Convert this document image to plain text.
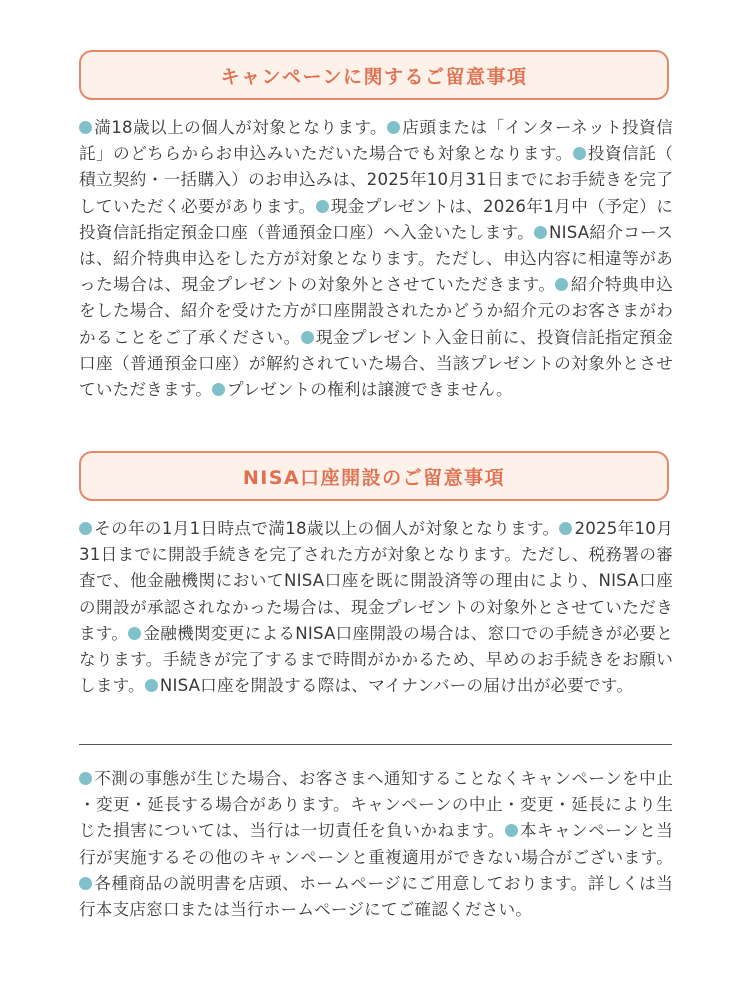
キャンペーンに関するご留意事項

満18歳以上の個人が対象となります。 店頭または「インターネット投資信託」のどちらからお申込みいただいた場合でも対象となります。 投資信託（積立契約・一括購入）のお申込みは、2025年10月31日までにお手続きを完了していただく必要があります。 現金プレゼントは、2026年1月中（予定）に投資信託指定預金口座（普通預金口座）へ入金いたします。 NISA紹介コースは、紹介特典申込をした方が対象となります。ただし、申込内容に相違等があった場合は、現金プレゼントの対象外とさせていただきます。 紹介特典申込をした場合、紹介を受けた方が口座開設されたかどうか紹介元のお客さまがわかることをご了承ください。 現金プレゼント入金日前に、投資信託指定預金口座（普通預金口座）が解約されていた場合、当該プレゼントの対象外とさせていただきます。 プレゼントの権利は譲渡できません。

NISA口座開設のご留意事項

その年の1月1日時点で満18歳以上の個人が対象となります。 2025年10月31日までに開設手続きを完了された方が対象となります。ただし、税務署の審査で、他金融機関においてNISA口座を既に開設済等の理由により、NISA口座の開設が承認されなかった場合は、現金プレゼントの対象外とさせていただきます。 金融機関変更によるNISA口座開設の場合は、窓口での手続きが必要となります。手続きが完了するまで時間がかかるため、早めのお手続きをお願いします。 NISA口座を開設する際は、マイナンバーの届け出が必要です。

不測の事態が生じた場合、お客さまへ通知することなくキャンペーンを中止・変更・延長する場合があります。キャンペーンの中止・変更・延長により生じた損害については、当行は一切責任を負いかねます。 本キャンペーンと当行が実施するその他のキャンペーンと重複適用ができない場合がございます。各種商品の説明書を店頭、ホームページにご用意しております。詳しくは当行本支店窓口または当行ホームページにてご確認ください。
